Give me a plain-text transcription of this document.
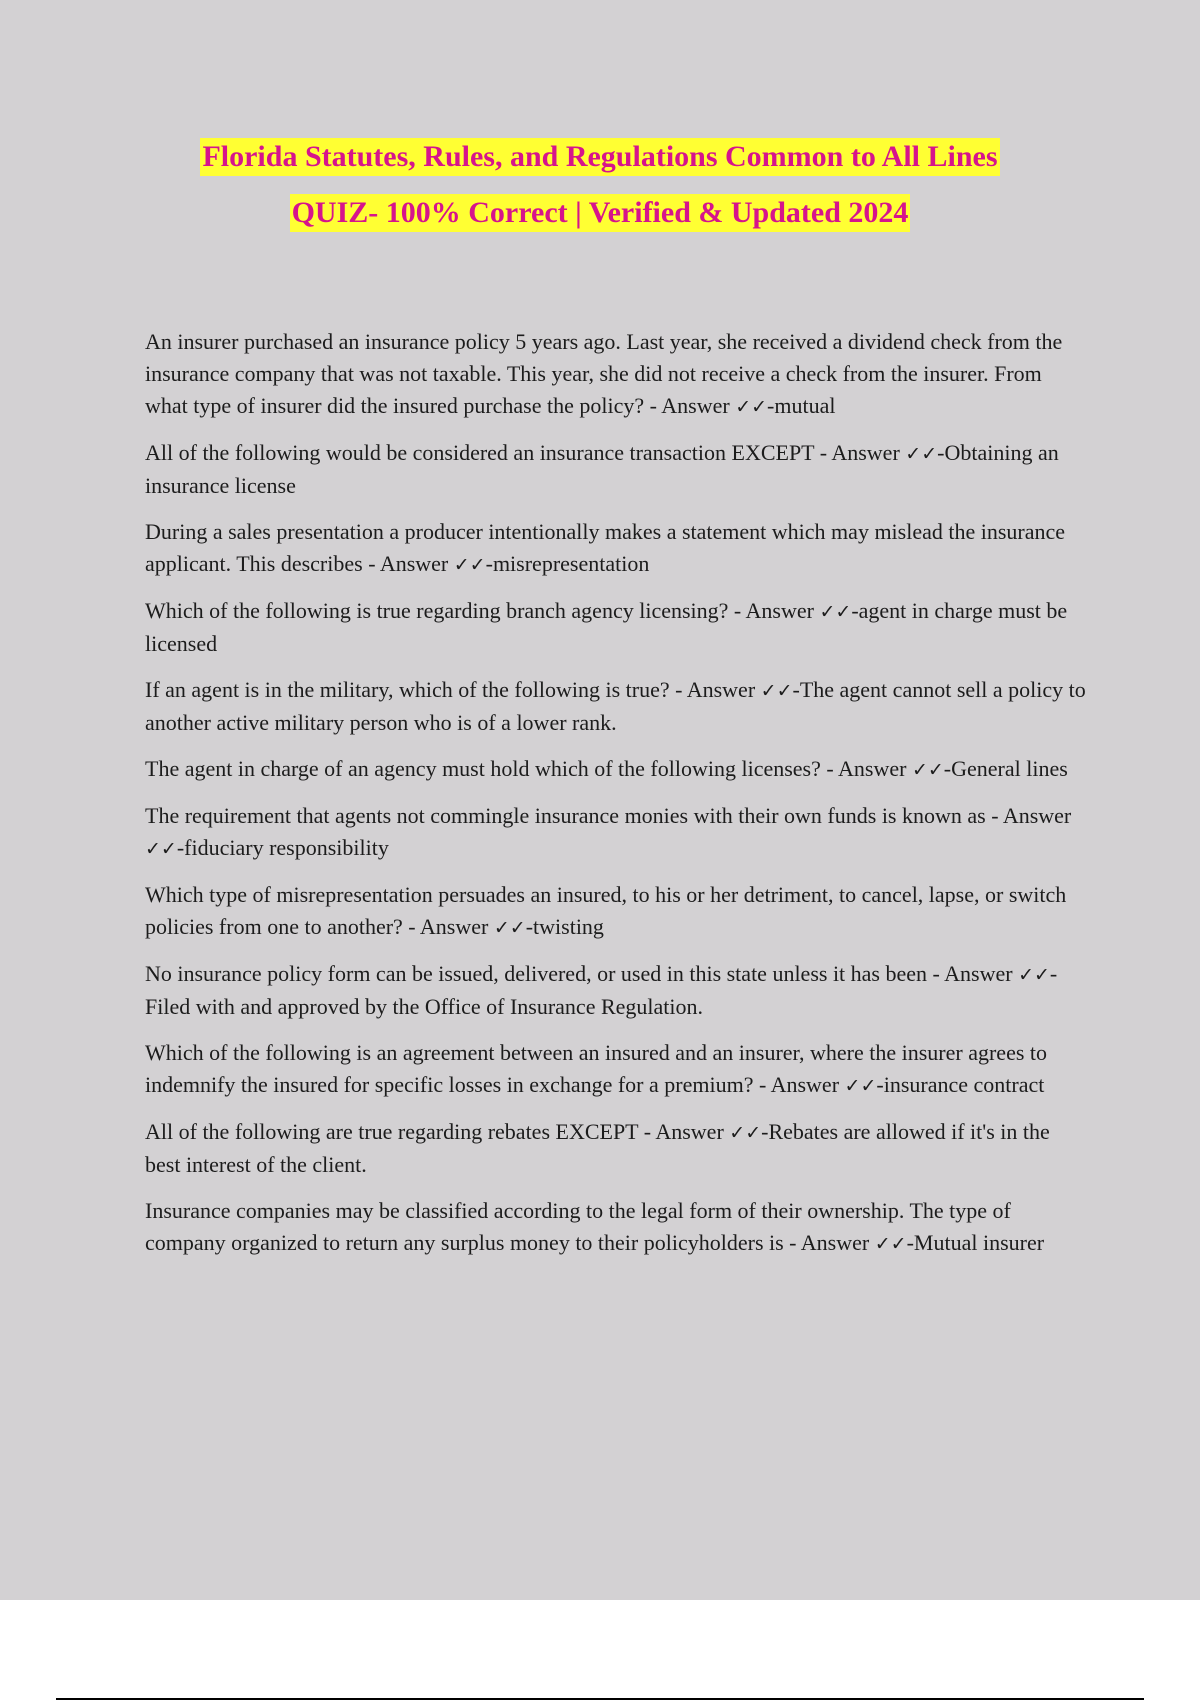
Florida Statutes, Rules, and Regulations Common to All Lines
QUIZ- 100% Correct | Verified & Updated 2024
An insurer purchased an insurance policy 5 years ago. Last year, she received a dividend check from the insurance company that was not taxable. This year, she did not receive a check from the insurer. From what type of insurer did the insured purchase the policy? - Answer ✓✓-mutual
All of the following would be considered an insurance transaction EXCEPT - Answer ✓✓-Obtaining an insurance license
During a sales presentation a producer intentionally makes a statement which may mislead the insurance applicant. This describes - Answer ✓✓-misrepresentation
Which of the following is true regarding branch agency licensing? - Answer ✓✓-agent in charge must be licensed
If an agent is in the military, which of the following is true? - Answer ✓✓-The agent cannot sell a policy to another active military person who is of a lower rank.
The agent in charge of an agency must hold which of the following licenses? - Answer ✓✓-General lines
The requirement that agents not commingle insurance monies with their own funds is known as - Answer ✓✓-fiduciary responsibility
Which type of misrepresentation persuades an insured, to his or her detriment, to cancel, lapse, or switch policies from one to another? - Answer ✓✓-twisting
No insurance policy form can be issued, delivered, or used in this state unless it has been - Answer ✓✓-Filed with and approved by the Office of Insurance Regulation.
Which of the following is an agreement between an insured and an insurer, where the insurer agrees to indemnify the insured for specific losses in exchange for a premium? - Answer ✓✓-insurance contract
All of the following are true regarding rebates EXCEPT - Answer ✓✓-Rebates are allowed if it's in the best interest of the client.
Insurance companies may be classified according to the legal form of their ownership. The type of company organized to return any surplus money to their policyholders is - Answer ✓✓-Mutual insurer
